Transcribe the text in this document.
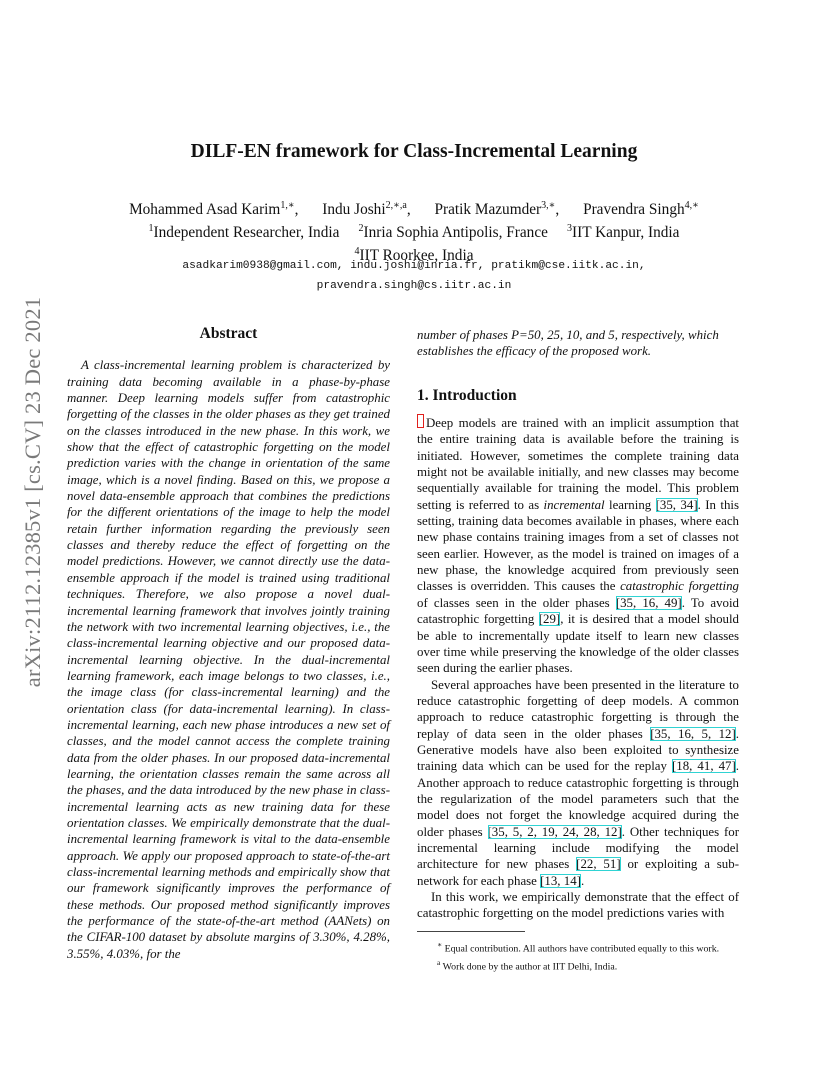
arXiv:2112.12385v1 [cs.CV] 23 Dec 2021
DILF-EN framework for Class-Incremental Learning
Mohammed Asad Karim$^{1,∗}$, Indu Joshi$^{2,∗,a}$, Pratik Mazumder$^{3,∗}$, Pravendra Singh$^{4,∗}$
$^1$Independent Researcher, India $^2$Inria Sophia Antipolis, France $^3$IIT Kanpur, India
$^4$IIT Roorkee, India
asadkarim0938@gmail.com, indu.joshi@inria.fr, pratikm@cse.iitk.ac.in,
pravendra.singh@cs.iitr.ac.in
Abstract

A class-incremental learning problem is characterized by training data becoming available in a phase-by-phase manner. Deep learning models suffer from catastrophic forgetting of the classes in the older phases as they get trained on the classes introduced in the new phase. In this work, we show that the effect of catastrophic forgetting on the model prediction varies with the change in orientation of the same image, which is a novel finding. Based on this, we propose a novel data-ensemble approach that combines the predictions for the different orientations of the image to help the model retain further information regarding the previously seen classes and thereby reduce the effect of forgetting on the model predictions. However, we cannot directly use the data-ensemble approach if the model is trained using traditional techniques. Therefore, we also propose a novel dual-incremental learning framework that involves jointly training the network with two incremental learning objectives, i.e., the class-incremental learning objective and our proposed data-incremental learning objective. In the dual-incremental learning framework, each image belongs to two classes, i.e., the image class (for class-incremental learning) and the orientation class (for data-incremental learning). In class-incremental learning, each new phase introduces a new set of classes, and the model cannot access the complete training data from the older phases. In our proposed data-incremental learning, the orientation classes remain the same across all the phases, and the data introduced by the new phase in class-incremental learning acts as new training data for these orientation classes. We empirically demonstrate that the dual-incremental learning framework is vital to the data-ensemble approach. We apply our proposed approach to state-of-the-art class-incremental learning methods and empirically show that our framework significantly improves the performance of these methods. Our proposed method significantly improves the performance of the state-of-the-art method (AANets) on the CIFAR-100 dataset by absolute margins of 3.30%, 4.28%, 3.55%, 4.03%, for the

number of phases P=50, 25, 10, and 5, respectively, which establishes the efficacy of the proposed work.

1. Introduction

Deep models are trained with an implicit assumption that the entire training data is available before the training is initiated. However, sometimes the complete training data might not be available initially, and new classes may become sequentially available for training the model. This problem setting is referred to as incremental learning [35, 34]. In this setting, training data becomes available in phases, where each new phase contains training images from a set of classes not seen earlier. However, as the model is trained on images of a new phase, the knowledge acquired from previously seen classes is overridden. This causes the catastrophic forgetting of classes seen in the older phases [35, 16, 49]. To avoid catastrophic forgetting [29], it is desired that a model should be able to incrementally update itself to learn new classes over time while preserving the knowledge of the older classes seen during the earlier phases.

Several approaches have been presented in the literature to reduce catastrophic forgetting of deep models. A common approach to reduce catastrophic forgetting is through the replay of data seen in the older phases [35, 16, 5, 12]. Generative models have also been exploited to synthesize training data which can be used for the replay [18, 41, 47]. Another approach to reduce catastrophic forgetting is through the regularization of the model parameters such that the model does not forget the knowledge acquired during the older phases [35, 5, 2, 19, 24, 28, 12]. Other techniques for incremental learning include modifying the model architecture for new phases [22, 51] or exploiting a sub-network for each phase [13, 14].

In this work, we empirically demonstrate that the effect of catastrophic forgetting on the model predictions varies with

∗ Equal contribution. All authors have contributed equally to this work.
$^a$ Work done by the author at IIT Delhi, India.
